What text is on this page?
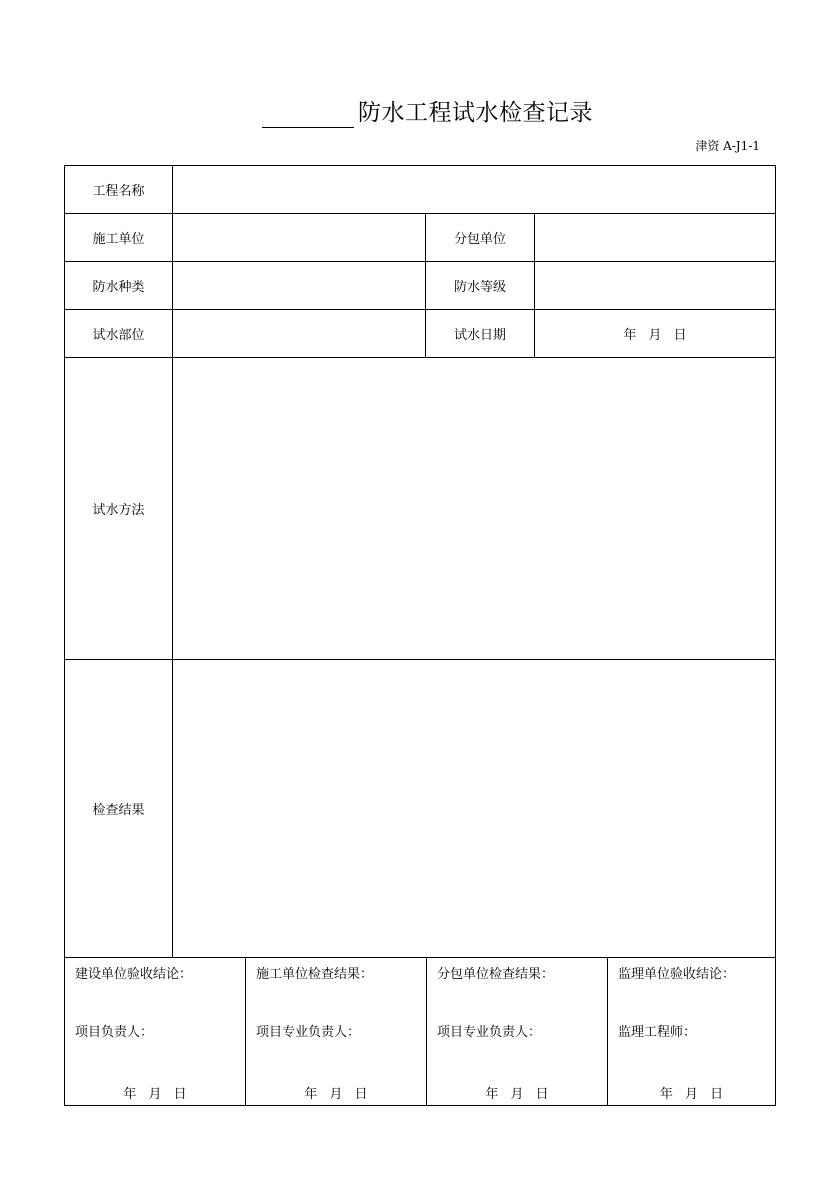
防水工程试水检查记录
津资 A-J1-1
工程名称			
施工单位		分包单位	
防水种类		防水等级	
试水部位		试水日期	年 月 日
试水方法			
检查结果			
建设单位验收结论：
项目负责人：
年 月 日

施工单位检查结果：
项目专业负责人：
年 月 日

分包单位检查结果：
项目专业负责人：
年 月 日

监理单位验收结论：
监理工程师：
年 月 日
